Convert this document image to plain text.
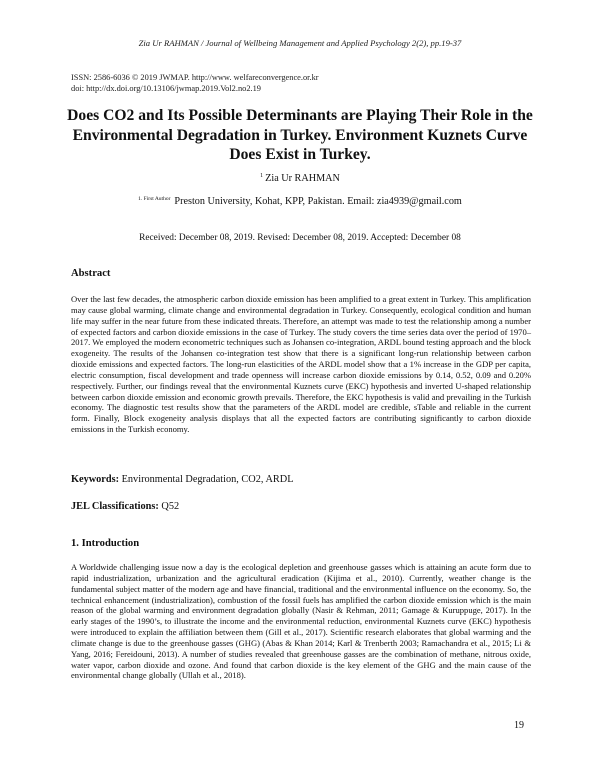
Zia Ur RAHMAN / Journal of Wellbeing Management and Applied Psychology 2(2), pp.19-37
ISSN: 2586-6036 © 2019 JWMAP. http://www. welfareconvergence.or.kr
doi: http://dx.doi.org/10.13106/jwmap.2019.Vol2.no2.19
Does CO2 and Its Possible Determinants are Playing Their Role in the Environmental Degradation in Turkey. Environment Kuznets Curve Does Exist in Turkey.
$^1$ Zia Ur RAHMAN
$^{1. First Author}$ Preston University, Kohat, KPP, Pakistan. Email: zia4939@gmail.com
Received: December 08, 2019. Revised: December 08, 2019. Accepted: December 08
Abstract
Over the last few decades, the atmospheric carbon dioxide emission has been amplified to a great extent in Turkey. This amplification may cause global warming, climate change and environmental degradation in Turkey. Consequently, ecological condition and human life may suffer in the near future from these indicated threats. Therefore, an attempt was made to test the relationship among a number of expected factors and carbon dioxide emissions in the case of Turkey. The study covers the time series data over the period of 1970–2017. We employed the modern econometric techniques such as Johansen co-integration, ARDL bound testing approach and the block exogeneity. The results of the Johansen co-integration test show that there is a significant long-run relationship between carbon dioxide emissions and expected factors. The long-run elasticities of the ARDL model show that a 1% increase in the GDP per capita, electric consumption, fiscal development and trade openness will increase carbon dioxide emissions by 0.14, 0.52, 0.09 and 0.20% respectively. Further, our findings reveal that the environmental Kuznets curve (EKC) hypothesis and inverted U-shaped relationship between carbon dioxide emission and economic growth prevails. Therefore, the EKC hypothesis is valid and prevailing in the Turkish economy. The diagnostic test results show that the parameters of the ARDL model are credible, sTable and reliable in the current form. Finally, Block exogeneity analysis displays that all the expected factors are contributing significantly to carbon dioxide emissions in the Turkish economy.
Keywords: Environmental Degradation, CO2, ARDL
JEL Classifications: Q52
1. Introduction
A Worldwide challenging issue now a day is the ecological depletion and greenhouse gasses which is attaining an acute form due to rapid industrialization, urbanization and the agricultural eradication (Kijima et al., 2010). Currently, weather change is the fundamental subject matter of the modern age and have financial, traditional and the environmental influence on the economy. So, the technical enhancement (industrialization), combustion of the fossil fuels has amplified the carbon dioxide emission which is the main reason of the global warming and environment degradation globally (Nasir & Rehman, 2011; Gamage & Kuruppuge, 2017). In the early stages of the 1990’s, to illustrate the income and the environmental reduction, environmental Kuznets curve (EKC) hypothesis were introduced to explain the affiliation between them (Gill et al., 2017). Scientific research elaborates that global warming and the climate change is due to the greenhouse gasses (GHG) (Abas & Khan 2014; Karl & Trenberth 2003; Ramachandra et al., 2015; Li & Yang, 2016; Fereidouni, 2013). A number of studies revealed that greenhouse gasses are the combination of methane, nitrous oxide, water vapor, carbon dioxide and ozone. And found that carbon dioxide is the key element of the GHG and the main cause of the environmental change globally (Ullah et al., 2018).
19
